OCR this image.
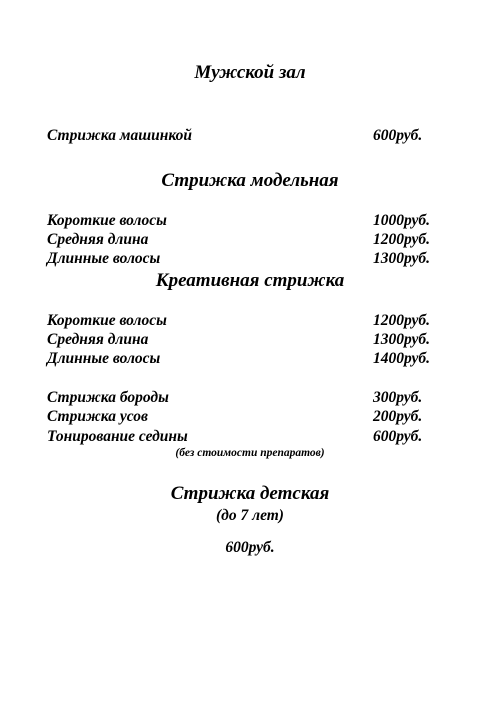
Мужской зал
Стрижка машинкой	600руб.
Стрижка модельная
Короткие волосы	1000руб.
Средняя длина	1200руб.
Длинные волосы	1300руб.
Креативная стрижка
Короткие волосы	1200руб.
Средняя длина	1300руб.
Длинные волосы	1400руб.
Стрижка бороды	300руб.
Стрижка усов	200руб.
Тонирование седины	600руб.
(без стоимости препаратов)
Стрижка детская
(до 7 лет)
600руб.
